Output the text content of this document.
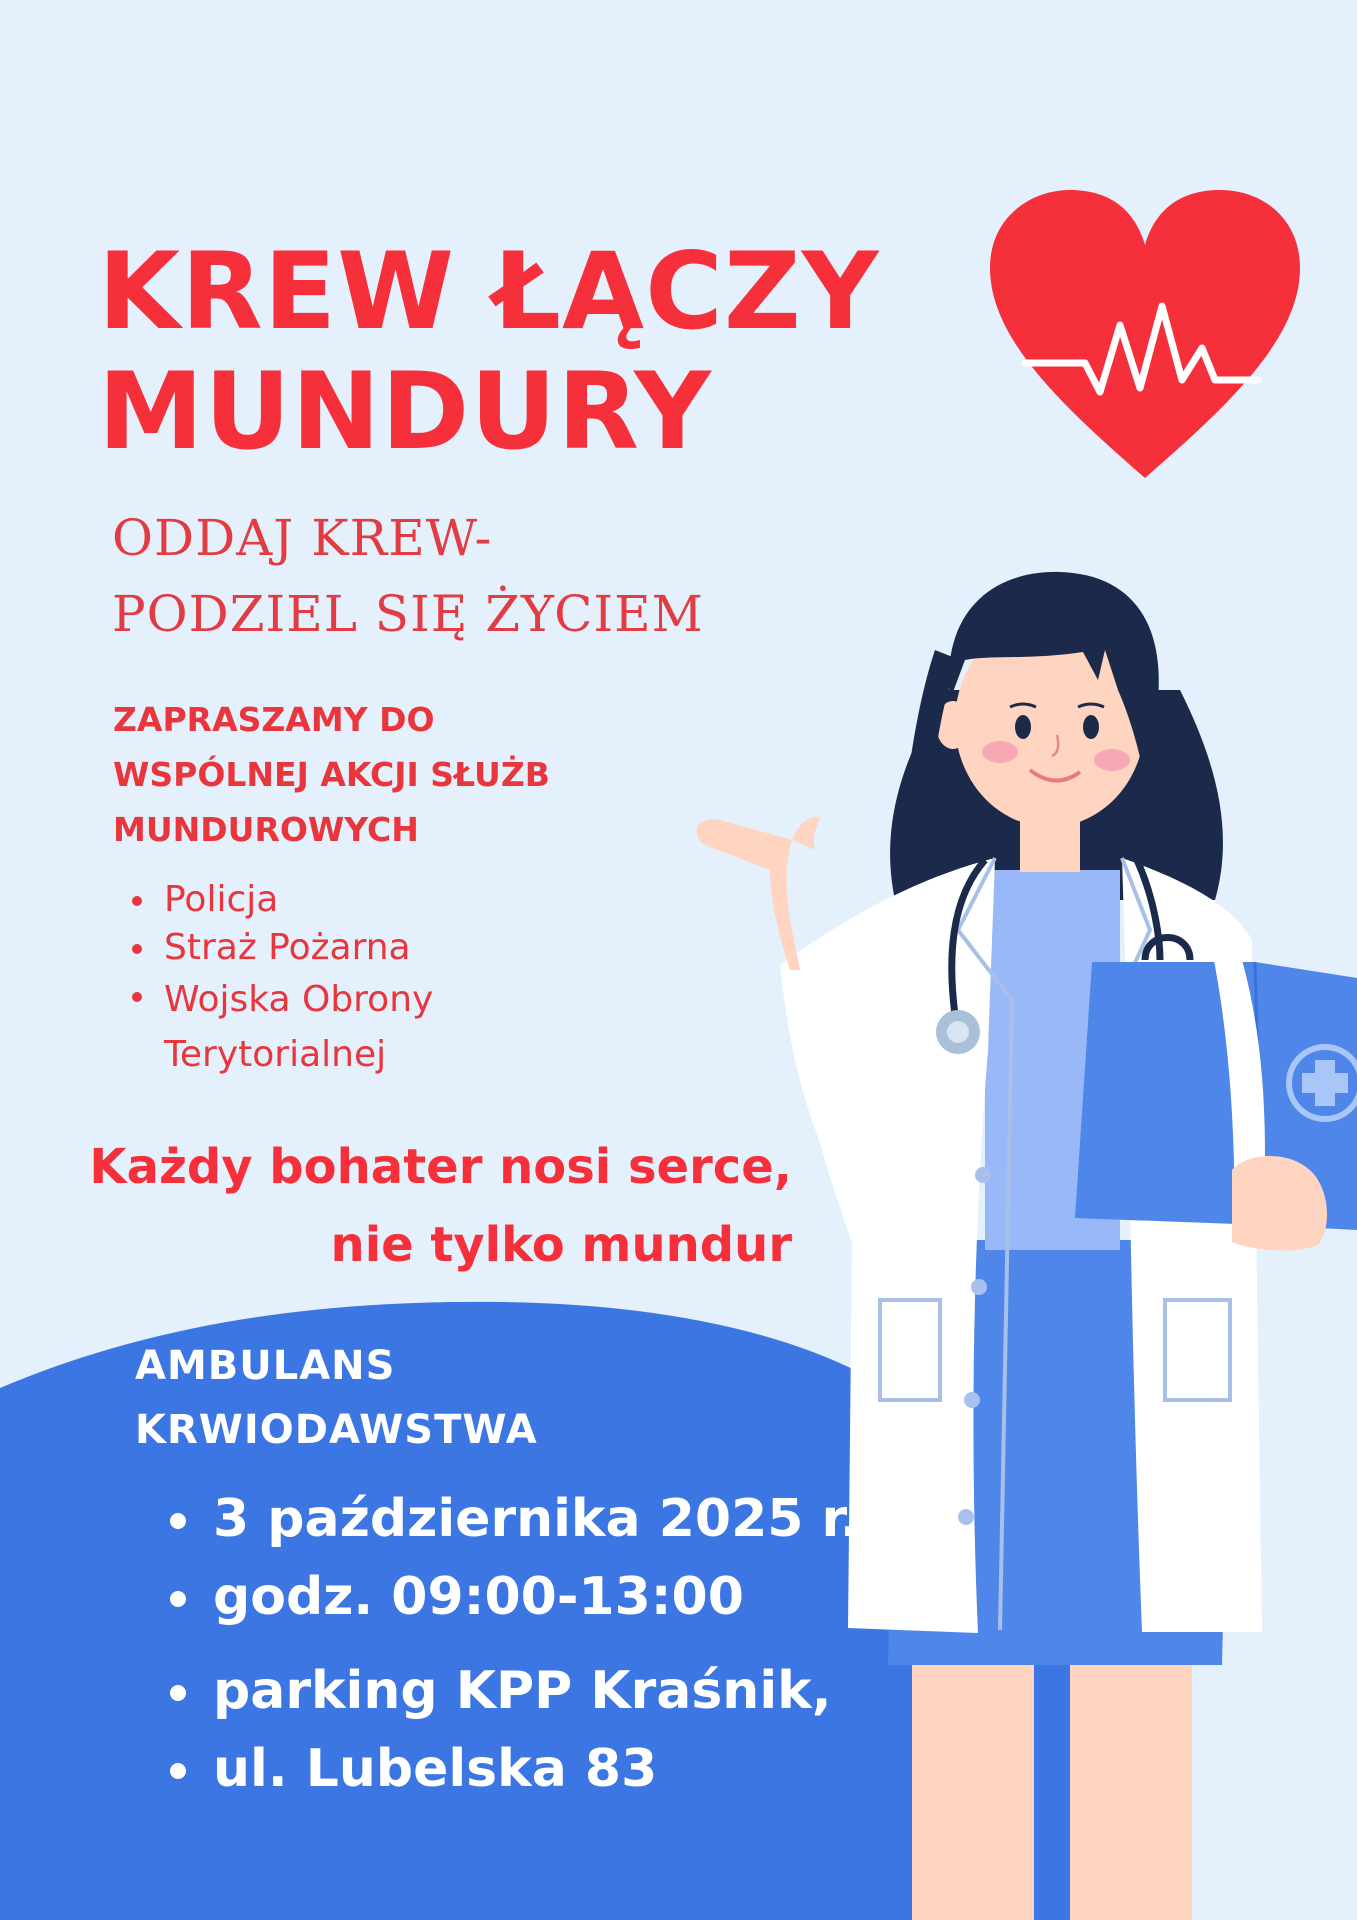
KREW ŁĄCZY
MUNDURY
ODDAJ KREW-
PODZIEL SIĘ ŻYCIEM
ZAPRASZAMY DO
WSPÓLNEJ AKCJI SŁUŻB
MUNDUROWYCH
Policja
Straż Pożarna
Wojska Obrony
Terytorialnej
Każdy bohater nosi serce,
nie tylko mundur
AMBULANS
KRWIODAWSTWA
3 października 2025 r.
godz. 09:00-13:00
parking KPP Kraśnik,
ul. Lubelska 83
